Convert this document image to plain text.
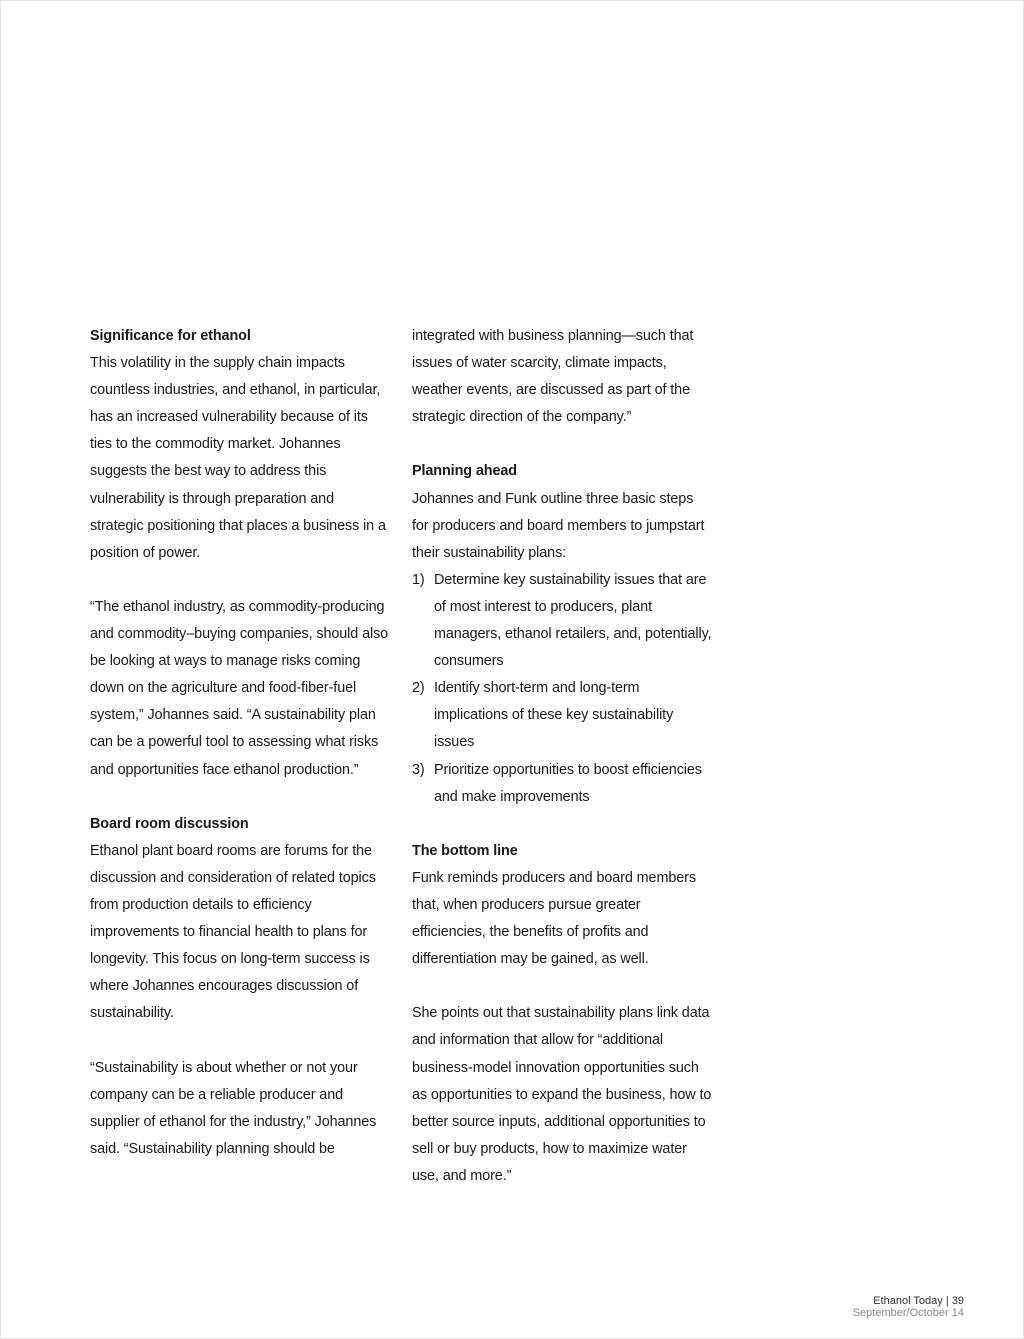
Significance for ethanol

This volatility in the supply chain impacts countless industries, and ethanol, in particular, has an increased vulnerability because of its ties to the commodity market. Johannes suggests the best way to address this vulnerability is through preparation and strategic positioning that places a business in a position of power.

“The ethanol industry, as commodity-producing and commodity–buying companies, should also be looking at ways to manage risks coming down on the agriculture and food-fiber-fuel system,” Johannes said. “A sustainability plan can be a powerful tool to assessing what risks and opportunities face ethanol production.”

Board room discussion

Ethanol plant board rooms are forums for the discussion and consideration of related topics from production details to efficiency improvements to financial health to plans for longevity. This focus on long-term success is where Johannes encourages discussion of sustainability.

“Sustainability is about whether or not your company can be a reliable producer and supplier of ethanol for the industry,” Johannes said. “Sustainability planning should be

integrated with business planning—such that issues of water scarcity, climate impacts, weather events, are discussed as part of the strategic direction of the company.”

Planning ahead

Johannes and Funk outline three basic steps for producers and board members to jumpstart their sustainability plans:

1) Determine key sustainability issues that are of most interest to producers, plant managers, ethanol retailers, and, potentially, consumers
2) Identify short-term and long-term implications of these key sustainability issues
3) Prioritize opportunities to boost efficiencies and make improvements

The bottom line

Funk reminds producers and board members that, when producers pursue greater efficiencies, the benefits of profits and differentiation may be gained, as well.

She points out that sustainability plans link data and information that allow for “additional business-model innovation opportunities such as opportunities to expand the business, how to better source inputs, additional opportunities to sell or buy products, how to maximize water use, and more.”

Ethanol Today | 39
September/October 14
